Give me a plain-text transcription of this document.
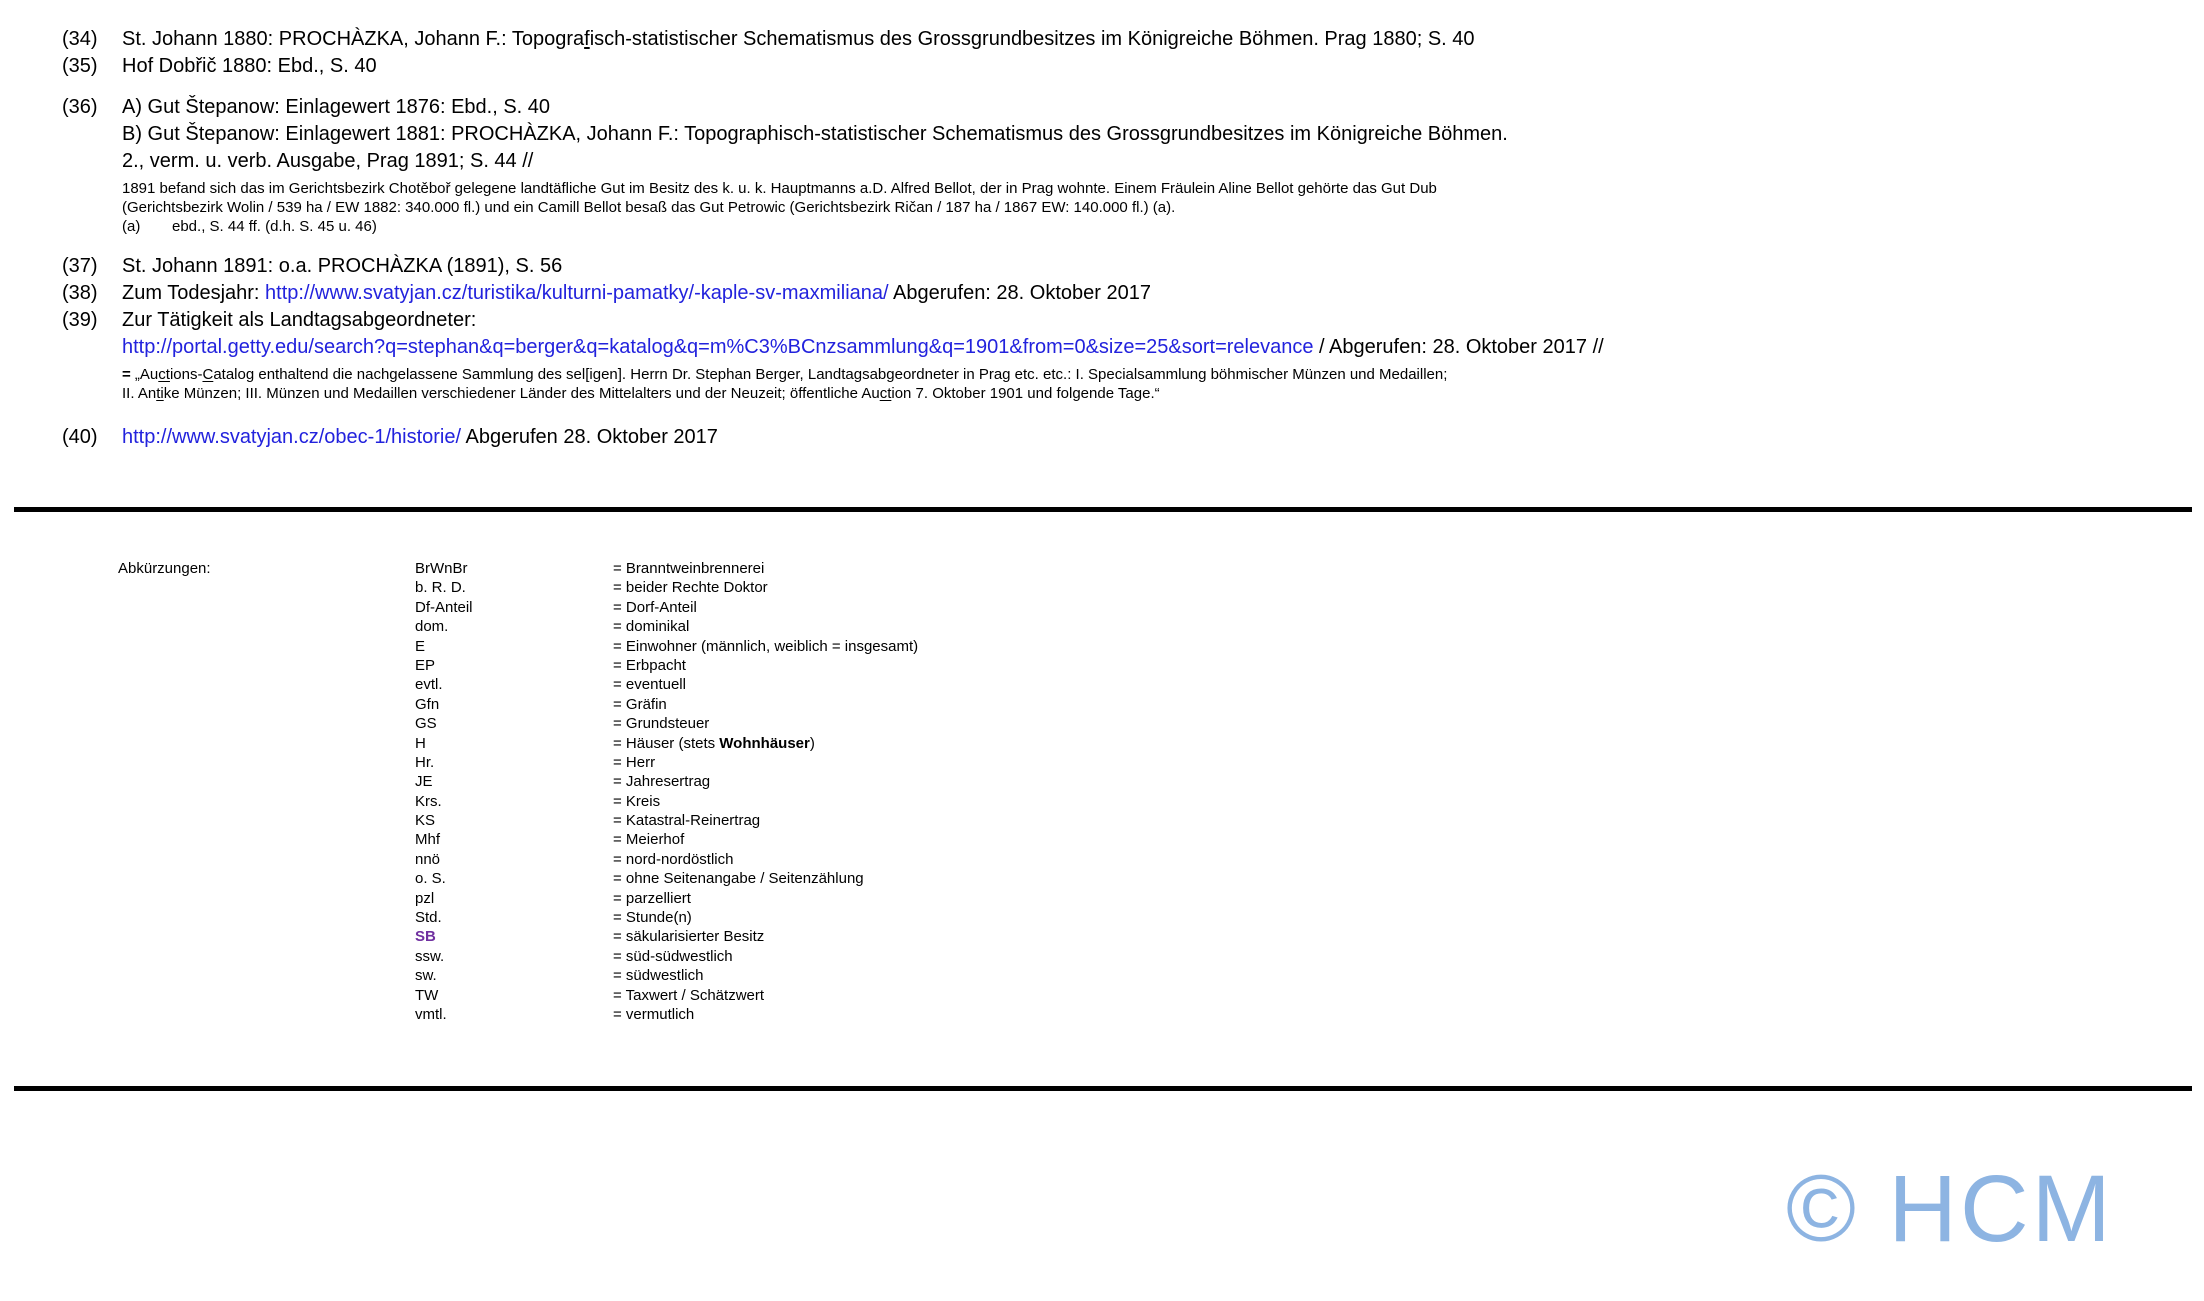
(34)	St. Johann 1880: PROCHÀZKA, Johann F.: Topografisch-statistischer Schematismus des Grossgrundbesitzes im Königreiche Böhmen. Prag 1880; S. 40
(35)	Hof Dobřič 1880: Ebd., S. 40
(36)	A) Gut Štepanow: Einlagewert 1876: Ebd., S. 40
B) Gut Štepanow: Einlagewert 1881: PROCHÀZKA, Johann F.: Topographisch-statistischer Schematismus des Grossgrundbesitzes im Königreiche Böhmen.
2., verm. u. verb. Ausgabe, Prag 1891; S. 44 //
1891 befand sich das im Gerichtsbezirk Chotěboř gelegene landtäfliche Gut im Besitz des k. u. k. Hauptmanns a.D. Alfred Bellot, der in Prag wohnte. Einem Fräulein Aline Bellot gehörte das Gut Dub
(Gerichtsbezirk Wolin / 539 ha / EW 1882: 340.000 fl.) und ein Camill Bellot besaß das Gut Petrowic (Gerichtsbezirk Ričan / 187 ha / 1867 EW: 140.000 fl.) (a).
(a) ebd., S. 44 ff. (d.h. S. 45 u. 46)
(37)	St. Johann 1891: o.a. PROCHÀZKA (1891), S. 56
(38)	Zum Todesjahr: http://www.svatyjan.cz/turistika/kulturni-pamatky/-kaple-sv-maxmiliana/ Abgerufen: 28. Oktober 2017
(39)	Zur Tätigkeit als Landtagsabgeordneter:
http://portal.getty.edu/search?q=stephan&q=berger&q=katalog&q=m%C3%BCnzsammlung&q=1901&from=0&size=25&sort=relevance / Abgerufen: 28. Oktober 2017 //
= „Auctions-Catalog enthaltend die nachgelassene Sammlung des sel[igen]. Herrn Dr. Stephan Berger, Landtagsabgeordneter in Prag etc. etc.: I. Specialsammlung böhmischer Münzen und Medaillen;
II. Antike Münzen; III. Münzen und Medaillen verschiedener Länder des Mittelalters und der Neuzeit; öffentliche Auction 7. Oktober 1901 und folgende Tage.“
(40)	http://www.svatyjan.cz/obec-1/historie/ Abgerufen 28. Oktober 2017
Abkürzungen:	BrWnBr	= Branntweinbrennerei
b. R. D.	= beider Rechte Doktor
Df-Anteil	= Dorf-Anteil
dom.	= dominikal
E	= Einwohner (männlich, weiblich = insgesamt)
EP	= Erbpacht
evtl.	= eventuell
Gfn	= Gräfin
GS	= Grundsteuer
H	= Häuser (stets Wohnhäuser)
Hr.	= Herr
JE	= Jahresertrag
Krs.	= Kreis
KS	= Katastral-Reinertrag
Mhf	= Meierhof
nnö	= nord-nordöstlich
o. S.	= ohne Seitenangabe / Seitenzählung
pzl	= parzelliert
Std.	= Stunde(n)
SB	= säkularisierter Besitz
ssw.	= süd-südwestlich
sw.	= südwestlich
TW	= Taxwert / Schätzwert
vmtl.	= vermutlich
© HCM
